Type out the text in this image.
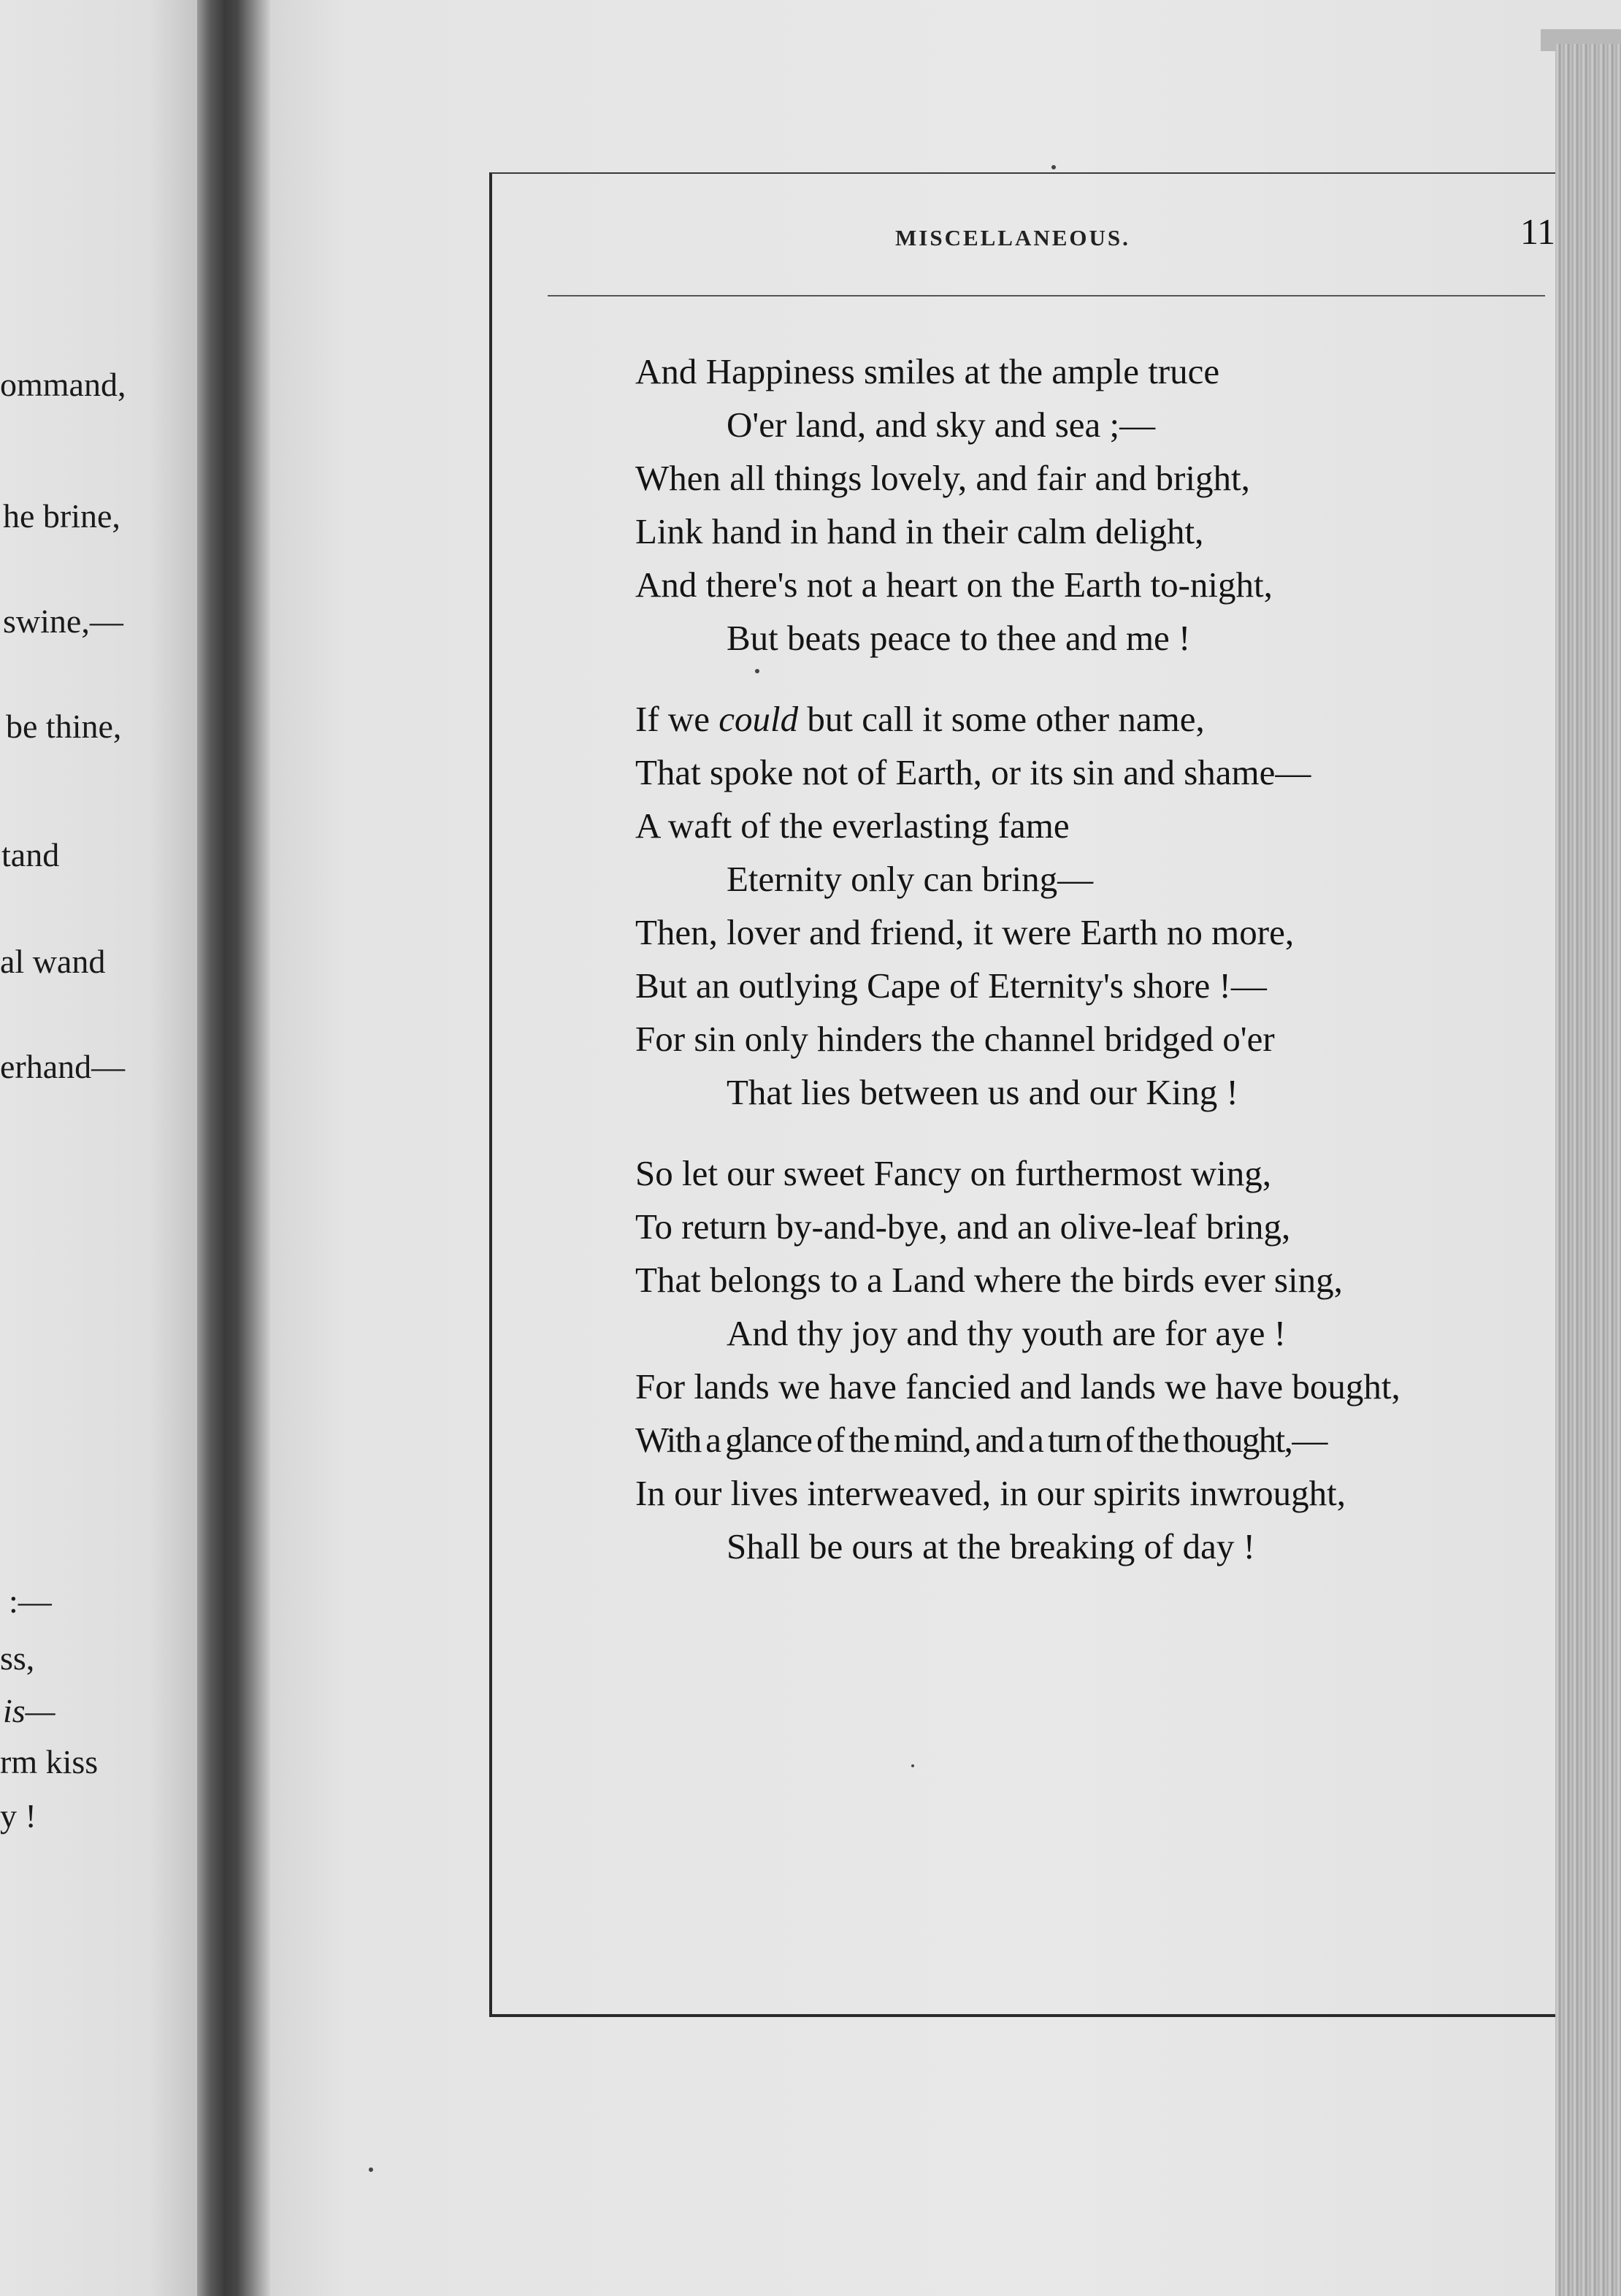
ommand,
he brine,
swine,—
be thine,
tand
al wand
erhand—
:—
ss,
is—
rm kiss
y !
MISCELLANEOUS.	11
And Happiness smiles at the ample truce
O'er land, and sky and sea ;—
When all things lovely, and fair and bright,
Link hand in hand in their calm delight,
And there's not a heart on the Earth to-night,
But beats peace to thee and me !
If we could but call it some other name,
That spoke not of Earth, or its sin and shame—
A waft of the everlasting fame
Eternity only can bring—
Then, lover and friend, it were Earth no more,
But an outlying Cape of Eternity's shore !—
For sin only hinders the channel bridged o'er
That lies between us and our King !
So let our sweet Fancy on furthermost wing,
To return by-and-bye, and an olive-leaf bring,
That belongs to a Land where the birds ever sing,
And thy joy and thy youth are for aye !
For lands we have fancied and lands we have bought,
With a glance of the mind, and a turn of the thought,—
In our lives interweaved, in our spirits inwrought,
Shall be ours at the breaking of day !
